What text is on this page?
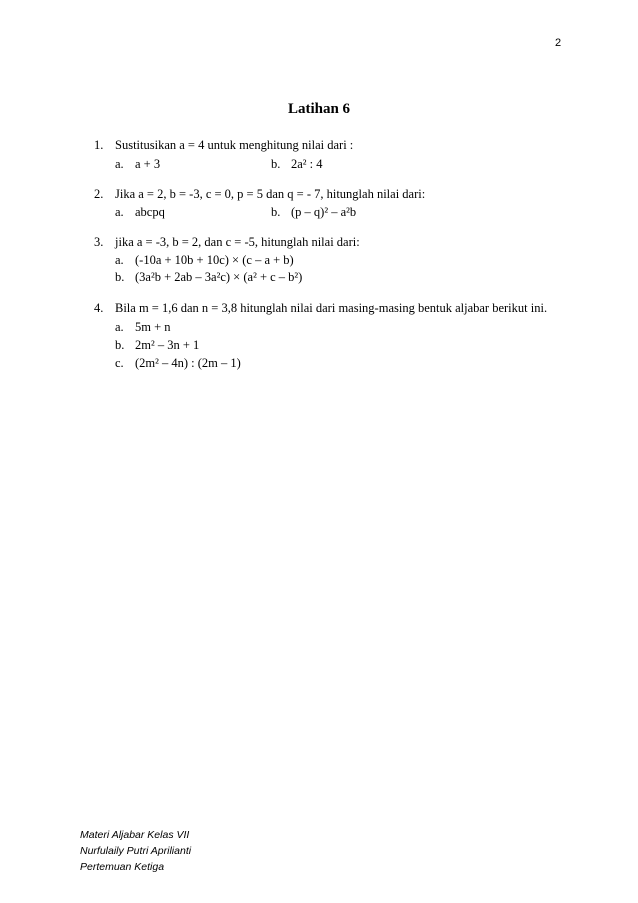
2
Latihan 6
1. Sustitusikan a = 4 untuk menghitung nilai dari :
a. a + 3	b. 2a² : 4
2. Jika a = 2, b = -3, c = 0, p = 5 dan q = - 7, hitunglah nilai dari:
a. abcpq	b. (p – q)² – a²b
3. jika a = -3, b = 2, dan c = -5, hitunglah nilai dari:
a. (-10a + 10b + 10c) × (c – a + b)
b. (3a²b + 2ab – 3a²c) × (a² + c – b²)
4. Bila m = 1,6 dan n = 3,8 hitunglah nilai dari masing-masing bentuk aljabar berikut ini.
a. 5m + n
b. 2m² – 3n + 1
c. (2m² – 4n) : (2m – 1)
Materi Aljabar Kelas VII
Nurfulaily Putri Aprilianti
Pertemuan Ketiga
